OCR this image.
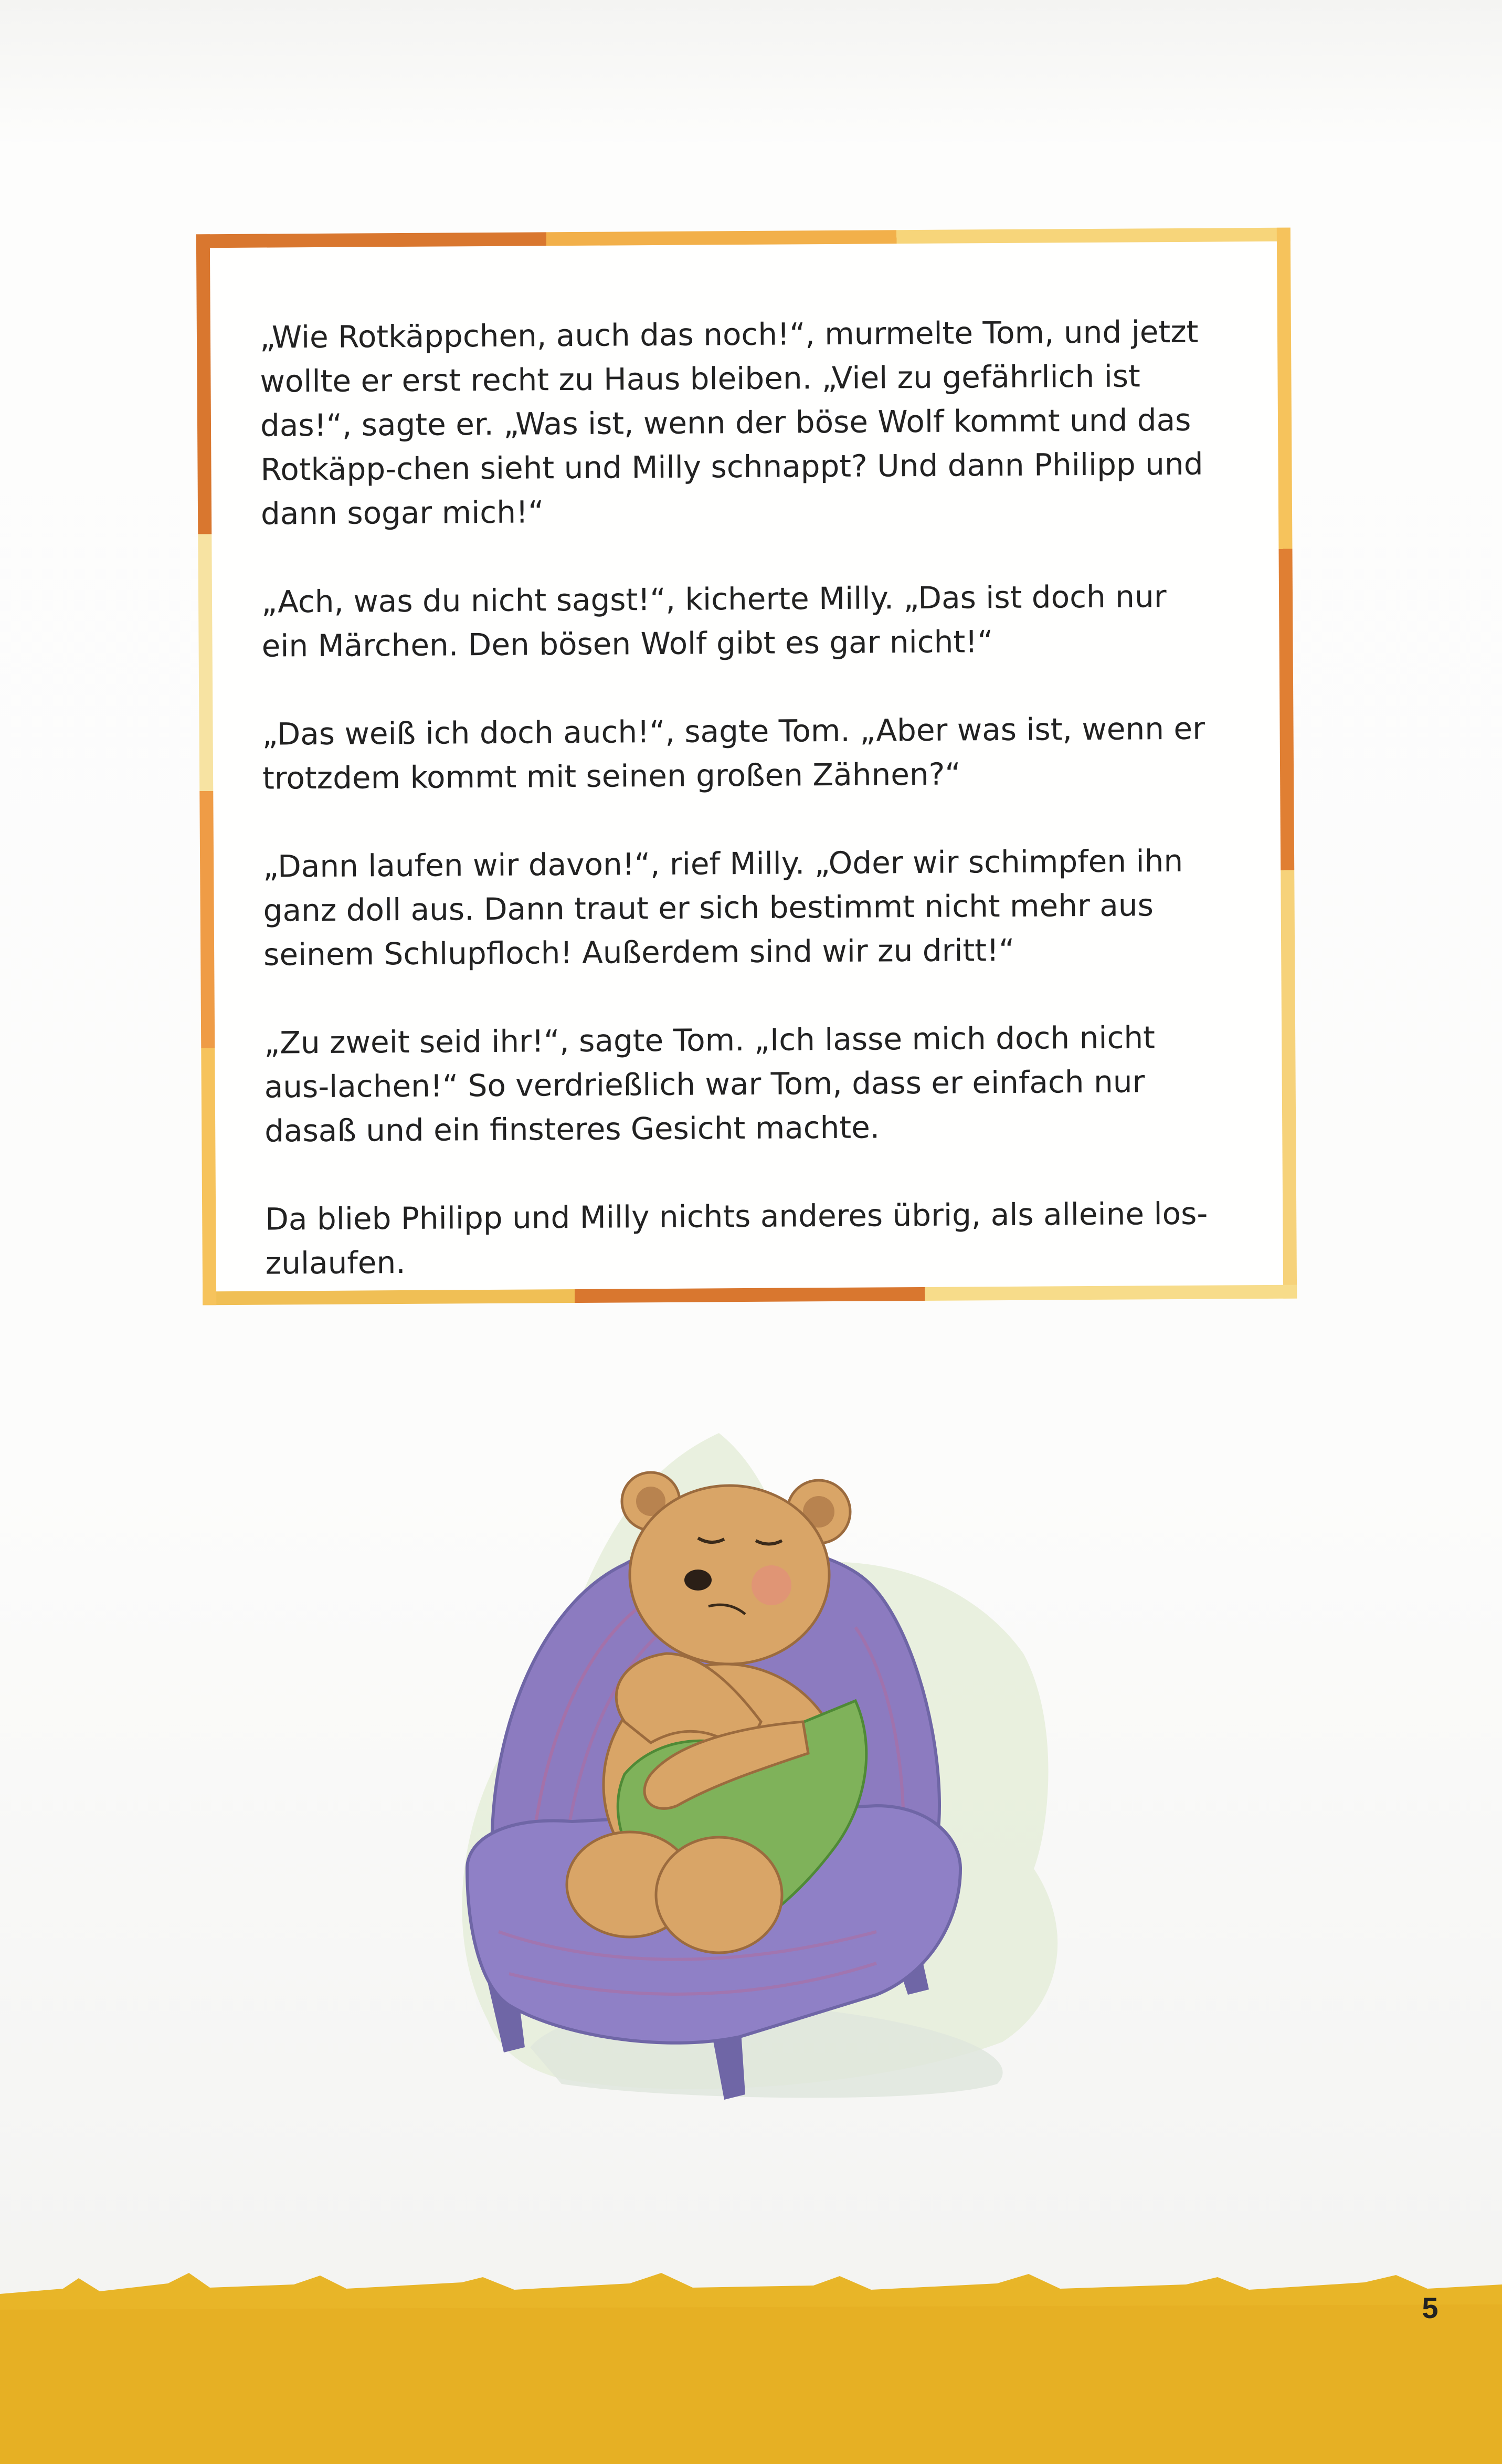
„Wie Rotkäppchen, auch das noch!“, murmelte Tom, und jetzt wollte er erst recht zu Haus bleiben. „Viel zu gefährlich ist das!“, sagte er. „Was ist, wenn der böse Wolf kommt und das Rotkäpp-chen sieht und Milly schnappt? Und dann Philipp und dann sogar mich!“

„Ach, was du nicht sagst!“, kicherte Milly. „Das ist doch nur ein Märchen. Den bösen Wolf gibt es gar nicht!“

„Das weiß ich doch auch!“, sagte Tom. „Aber was ist, wenn er trotzdem kommt mit seinen großen Zähnen?“

„Dann laufen wir davon!“, rief Milly. „Oder wir schimpfen ihn ganz doll aus. Dann traut er sich bestimmt nicht mehr aus seinem Schlupfloch! Außerdem sind wir zu dritt!“

„Zu zweit seid ihr!“, sagte Tom. „Ich lasse mich doch nicht aus-lachen!“ So verdrießlich war Tom, dass er einfach nur dasaß und ein finsteres Gesicht machte.

Da blieb Philipp und Milly nichts anderes übrig, als alleine los-zulaufen.

5
